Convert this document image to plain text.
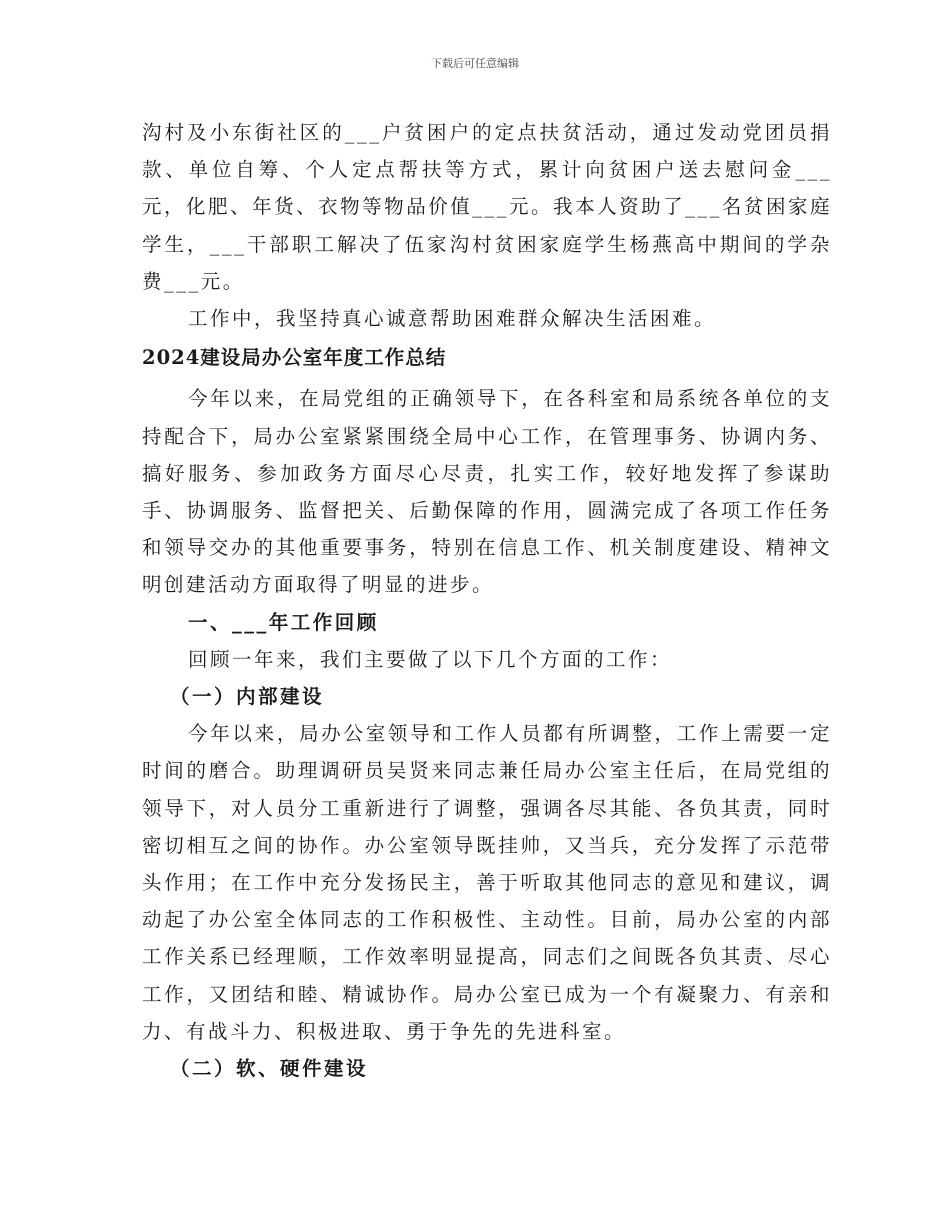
下载后可任意编辑

沟村及小东街社区的___户贫困户的定点扶贫活动，通过发动党团员捐款、单位自筹、个人定点帮扶等方式，累计向贫困户送去慰问金___元，化肥、年货、衣物等物品价值___元。我本人资助了___名贫困家庭学生，___干部职工解决了伍家沟村贫困家庭学生杨燕高中期间的学杂费___元。

工作中，我坚持真心诚意帮助困难群众解决生活困难。

2024建设局办公室年度工作总结

今年以来，在局党组的正确领导下，在各科室和局系统各单位的支持配合下，局办公室紧紧围绕全局中心工作，在管理事务、协调内务、搞好服务、参加政务方面尽心尽责，扎实工作，较好地发挥了参谋助手、协调服务、监督把关、后勤保障的作用，圆满完成了各项工作任务和领导交办的其他重要事务，特别在信息工作、机关制度建设、精神文明创建活动方面取得了明显的进步。

一、___年工作回顾

回顾一年来，我们主要做了以下几个方面的工作：

（一）内部建设

今年以来，局办公室领导和工作人员都有所调整，工作上需要一定时间的磨合。助理调研员吴贤来同志兼任局办公室主任后，在局党组的领导下，对人员分工重新进行了调整，强调各尽其能、各负其责，同时密切相互之间的协作。办公室领导既挂帅，又当兵，充分发挥了示范带头作用；在工作中充分发扬民主，善于听取其他同志的意见和建议，调动起了办公室全体同志的工作积极性、主动性。目前，局办公室的内部工作关系已经理顺，工作效率明显提高，同志们之间既各负其责、尽心工作，又团结和睦、精诚协作。局办公室已成为一个有凝聚力、有亲和力、有战斗力、积极进取、勇于争先的先进科室。

（二）软、硬件建设
